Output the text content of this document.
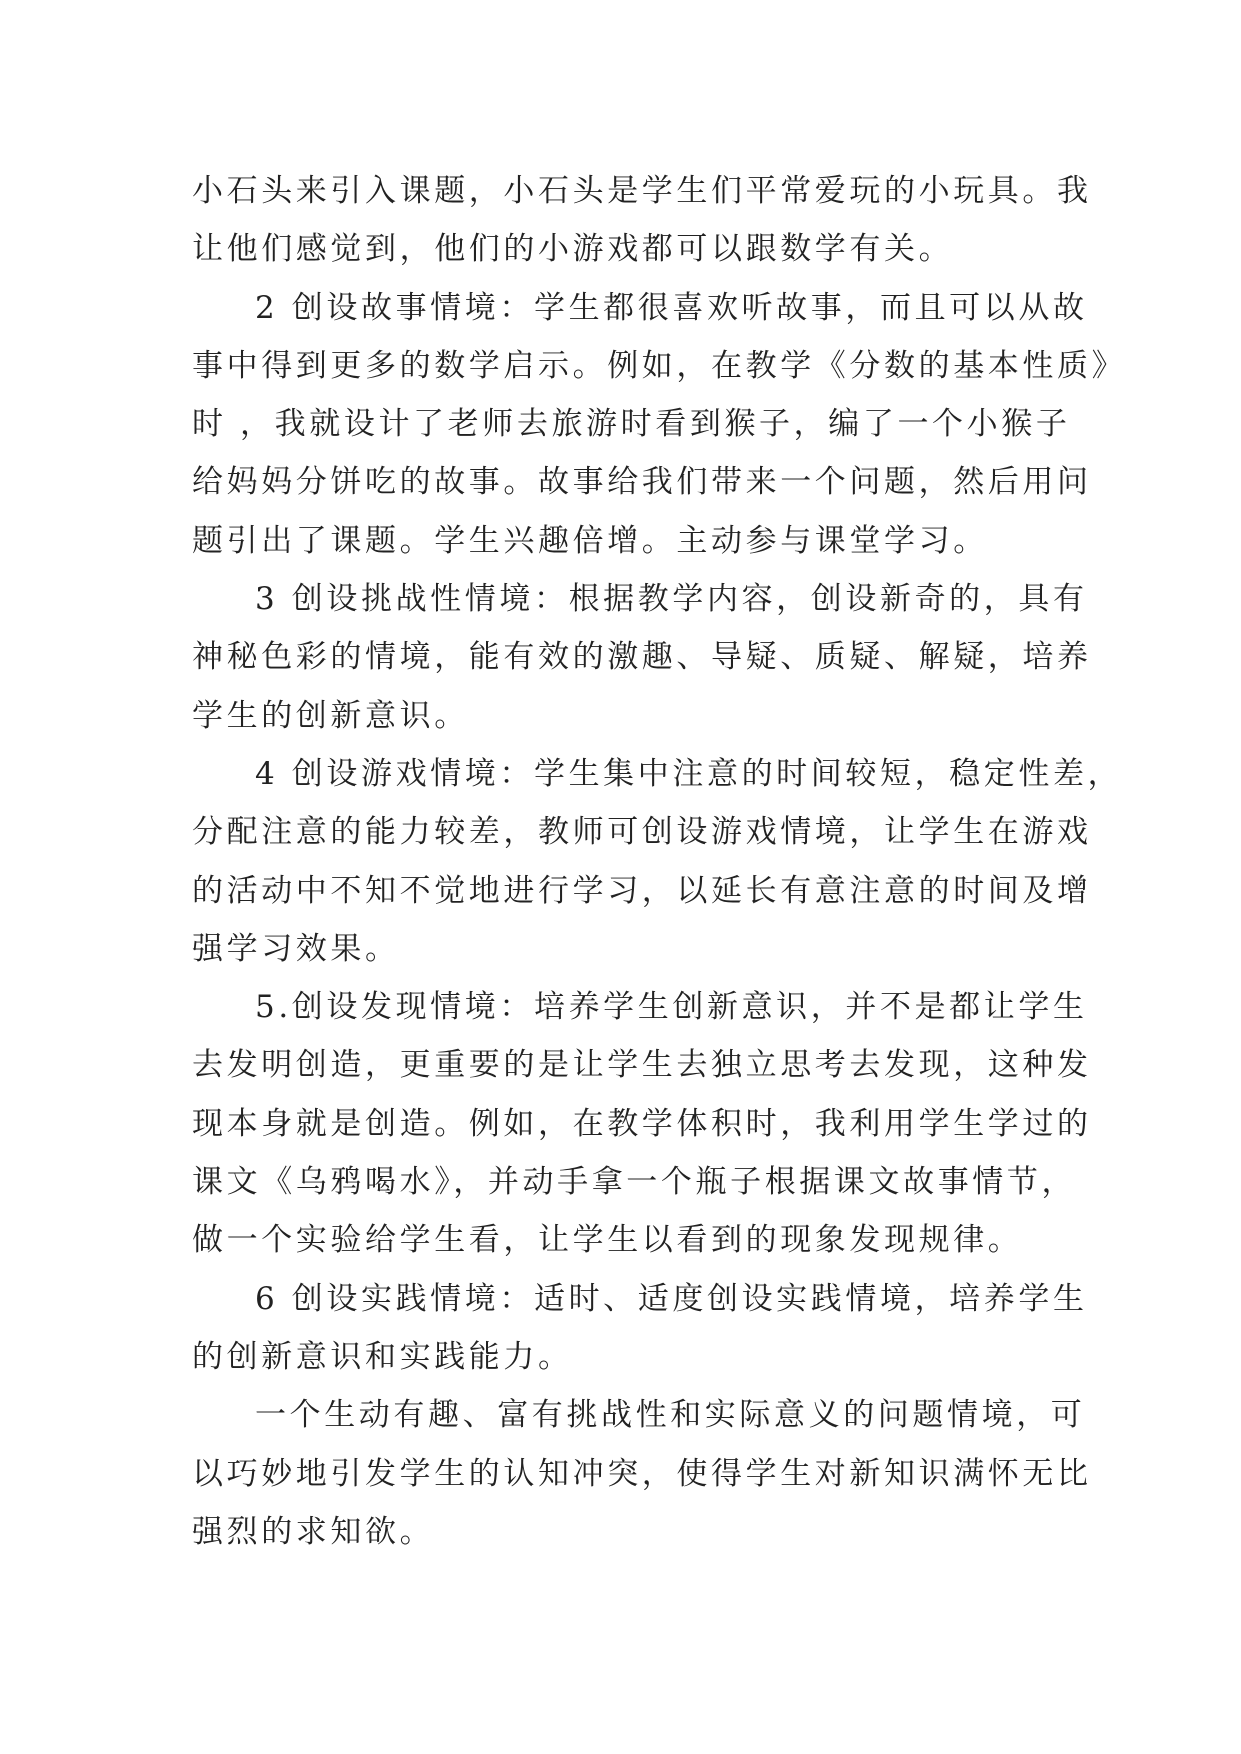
小石头来引入课题，小石头是学生们平常爱玩的小玩具。我
让他们感觉到，他们的小游戏都可以跟数学有关。
2 创设故事情境：学生都很喜欢听故事，而且可以从故
事中得到更多的数学启示。例如，在教学《分数的基本性质》
时 ，我就设计了老师去旅游时看到猴子，编了一个小猴子
给妈妈分饼吃的故事。故事给我们带来一个问题，然后用问
题引出了课题。学生兴趣倍增。主动参与课堂学习。
3 创设挑战性情境：根据教学内容，创设新奇的，具有
神秘色彩的情境，能有效的激趣、导疑、质疑、解疑，培养
学生的创新意识。
4 创设游戏情境：学生集中注意的时间较短，稳定性差，
分配注意的能力较差，教师可创设游戏情境，让学生在游戏
的活动中不知不觉地进行学习，以延长有意注意的时间及增
强学习效果。
5.创设发现情境：培养学生创新意识，并不是都让学生
去发明创造，更重要的是让学生去独立思考去发现，这种发
现本身就是创造。例如，在教学体积时，我利用学生学过的
课文《乌鸦喝水》，并动手拿一个瓶子根据课文故事情节，
做一个实验给学生看，让学生以看到的现象发现规律。
6 创设实践情境：适时、适度创设实践情境，培养学生
的创新意识和实践能力。
一个生动有趣、富有挑战性和实际意义的问题情境，可
以巧妙地引发学生的认知冲突，使得学生对新知识满怀无比
强烈的求知欲。
